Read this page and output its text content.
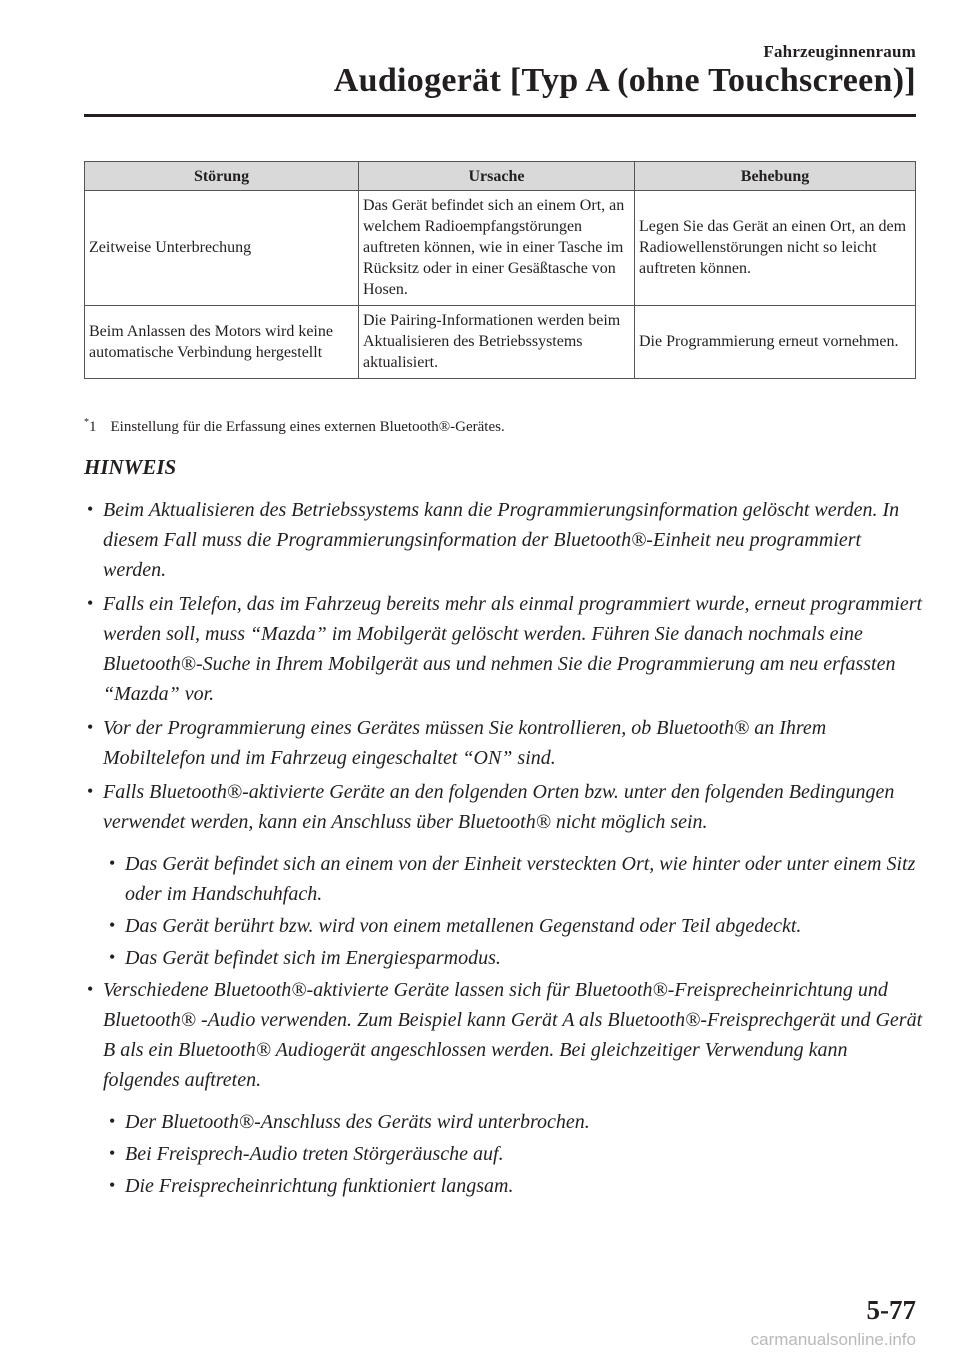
Fahrzeuginnenraum
Audiogerät [Typ A (ohne Touchscreen)]
Störung	Ursache	Behebung
Zeitweise Unterbrechung	Das Gerät befindet sich an einem Ort, an welchem Radioempfangstörungen auftreten können, wie in einer Tasche im Rücksitz oder in einer Gesäßtasche von Hosen.	Legen Sie das Gerät an einen Ort, an dem Radiowellenstörungen nicht so leicht auftreten können.
Beim Anlassen des Motors wird keine automatische Verbindung hergestellt	Die Pairing-Informationen werden beim Aktualisieren des Betriebssystems aktualisiert.	Die Programmierung erneut vornehmen.
*1 Einstellung für die Erfassung eines externen Bluetooth®-Gerätes.
HINWEIS
• Beim Aktualisieren des Betriebssystems kann die Programmierungsinformation gelöscht werden. In diesem Fall muss die Programmierungsinformation der Bluetooth®-Einheit neu programmiert werden.
• Falls ein Telefon, das im Fahrzeug bereits mehr als einmal programmiert wurde, erneut programmiert werden soll, muss “Mazda” im Mobilgerät gelöscht werden. Führen Sie danach nochmals eine Bluetooth®-Suche in Ihrem Mobilgerät aus und nehmen Sie die Programmierung am neu erfassten “Mazda” vor.
• Vor der Programmierung eines Gerätes müssen Sie kontrollieren, ob Bluetooth® an Ihrem Mobiltelefon und im Fahrzeug eingeschaltet “ON” sind.
• Falls Bluetooth®-aktivierte Geräte an den folgenden Orten bzw. unter den folgenden Bedingungen verwendet werden, kann ein Anschluss über Bluetooth® nicht möglich sein.
• Das Gerät befindet sich an einem von der Einheit versteckten Ort, wie hinter oder unter einem Sitz oder im Handschuhfach.
• Das Gerät berührt bzw. wird von einem metallenen Gegenstand oder Teil abgedeckt.
• Das Gerät befindet sich im Energiesparmodus.
• Verschiedene Bluetooth®-aktivierte Geräte lassen sich für Bluetooth®-Freisprecheinrichtung und Bluetooth® -Audio verwenden. Zum Beispiel kann Gerät A als Bluetooth®-Freisprechgerät und Gerät B als ein Bluetooth® Audiogerät angeschlossen werden. Bei gleichzeitiger Verwendung kann folgendes auftreten.
• Der Bluetooth®-Anschluss des Geräts wird unterbrochen.
• Bei Freisprech-Audio treten Störgeräusche auf.
• Die Freisprecheinrichtung funktioniert langsam.
5-77
carmanualsonline.info
